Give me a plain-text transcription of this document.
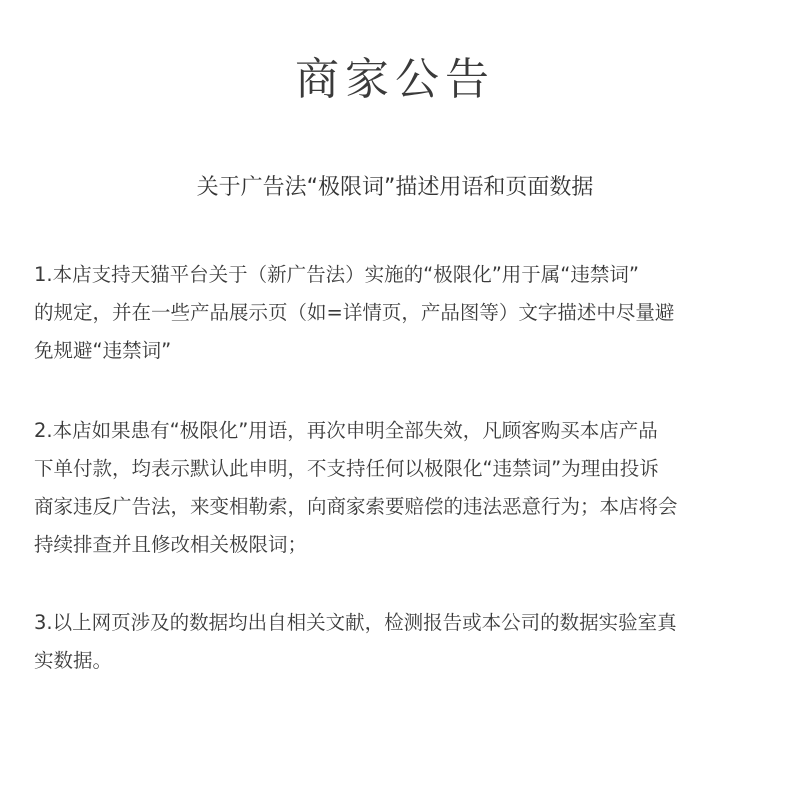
商家公告
关于广告法“极限词”描述用语和页面数据
1.本店支持天猫平台关于（新广告法）实施的“极限化”用于属“违禁词”
的规定，并在一些产品展示页（如=详情页，产品图等）文字描述中尽量避
免规避“违禁词”
2.本店如果患有“极限化”用语，再次申明全部失效，凡顾客购买本店产品
下单付款，均表示默认此申明，不支持任何以极限化“违禁词”为理由投诉
商家违反广告法，来变相勒索，向商家索要赔偿的违法恶意行为；本店将会
持续排查并且修改相关极限词；
3.以上网页涉及的数据均出自相关文献，检测报告或本公司的数据实验室真
实数据。
